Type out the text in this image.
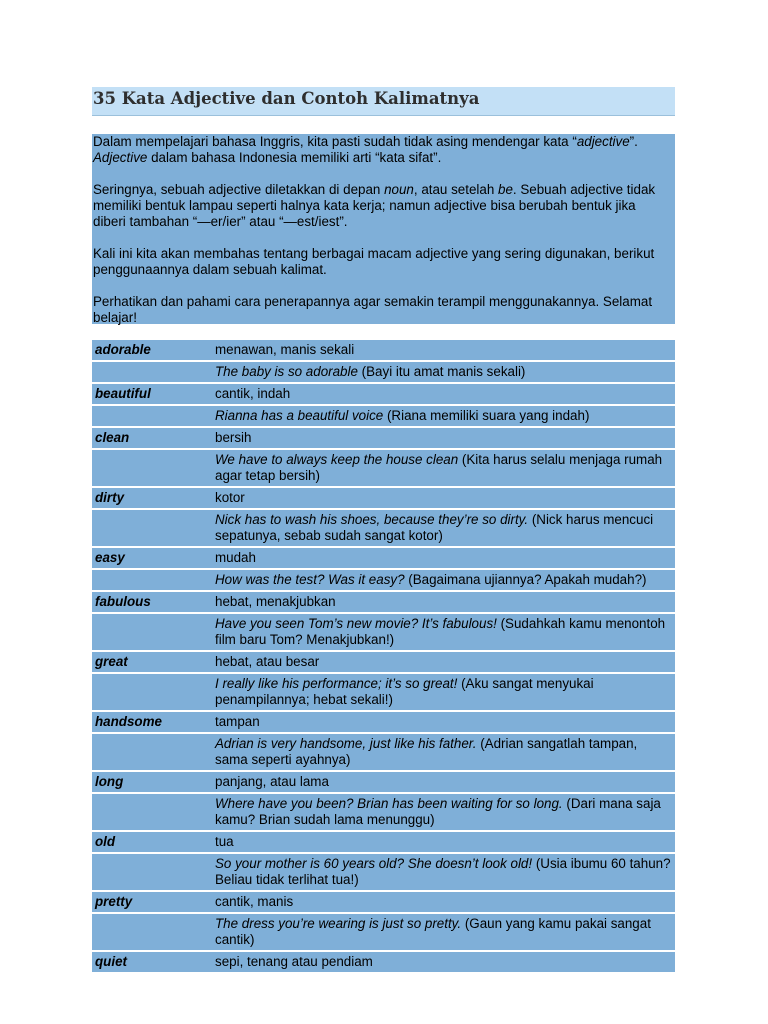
35 Kata Adjective dan Contoh Kalimatnya

Dalam mempelajari bahasa Inggris, kita pasti sudah tidak asing mendengar kata “adjective”. Adjective dalam bahasa Indonesia memiliki arti “kata sifat”.

Seringnya, sebuah adjective diletakkan di depan noun, atau setelah be. Sebuah adjective tidak memiliki bentuk lampau seperti halnya kata kerja; namun adjective bisa berubah bentuk jika diberi tambahan “—er/ier” atau “—est/iest”.

Kali ini kita akan membahas tentang berbagai macam adjective yang sering digunakan, berikut penggunaannya dalam sebuah kalimat.

Perhatikan dan pahami cara penerapannya agar semakin terampil menggunakannya. Selamat belajar!

adorable	menawan, manis sekali
	The baby is so adorable (Bayi itu amat manis sekali)
beautiful	cantik, indah
	Rianna has a beautiful voice (Riana memiliki suara yang indah)
clean	bersih
	We have to always keep the house clean (Kita harus selalu menjaga rumah agar tetap bersih)
dirty	kotor
	Nick has to wash his shoes, because they’re so dirty. (Nick harus mencuci sepatunya, sebab sudah sangat kotor)
easy	mudah
	How was the test? Was it easy? (Bagaimana ujiannya? Apakah mudah?)
fabulous	hebat, menakjubkan
	Have you seen Tom’s new movie? It’s fabulous! (Sudahkah kamu menontoh film baru Tom? Menakjubkan!)
great	hebat, atau besar
	I really like his performance; it’s so great! (Aku sangat menyukai penampilannya; hebat sekali!)
handsome	tampan
	Adrian is very handsome, just like his father. (Adrian sangatlah tampan, sama seperti ayahnya)
long	panjang, atau lama
	Where have you been? Brian has been waiting for so long. (Dari mana saja kamu? Brian sudah lama menunggu)
old	tua
	So your mother is 60 years old? She doesn’t look old! (Usia ibumu 60 tahun? Beliau tidak terlihat tua!)
pretty	cantik, manis
	The dress you’re wearing is just so pretty. (Gaun yang kamu pakai sangat cantik)
quiet	sepi, tenang atau pendiam
